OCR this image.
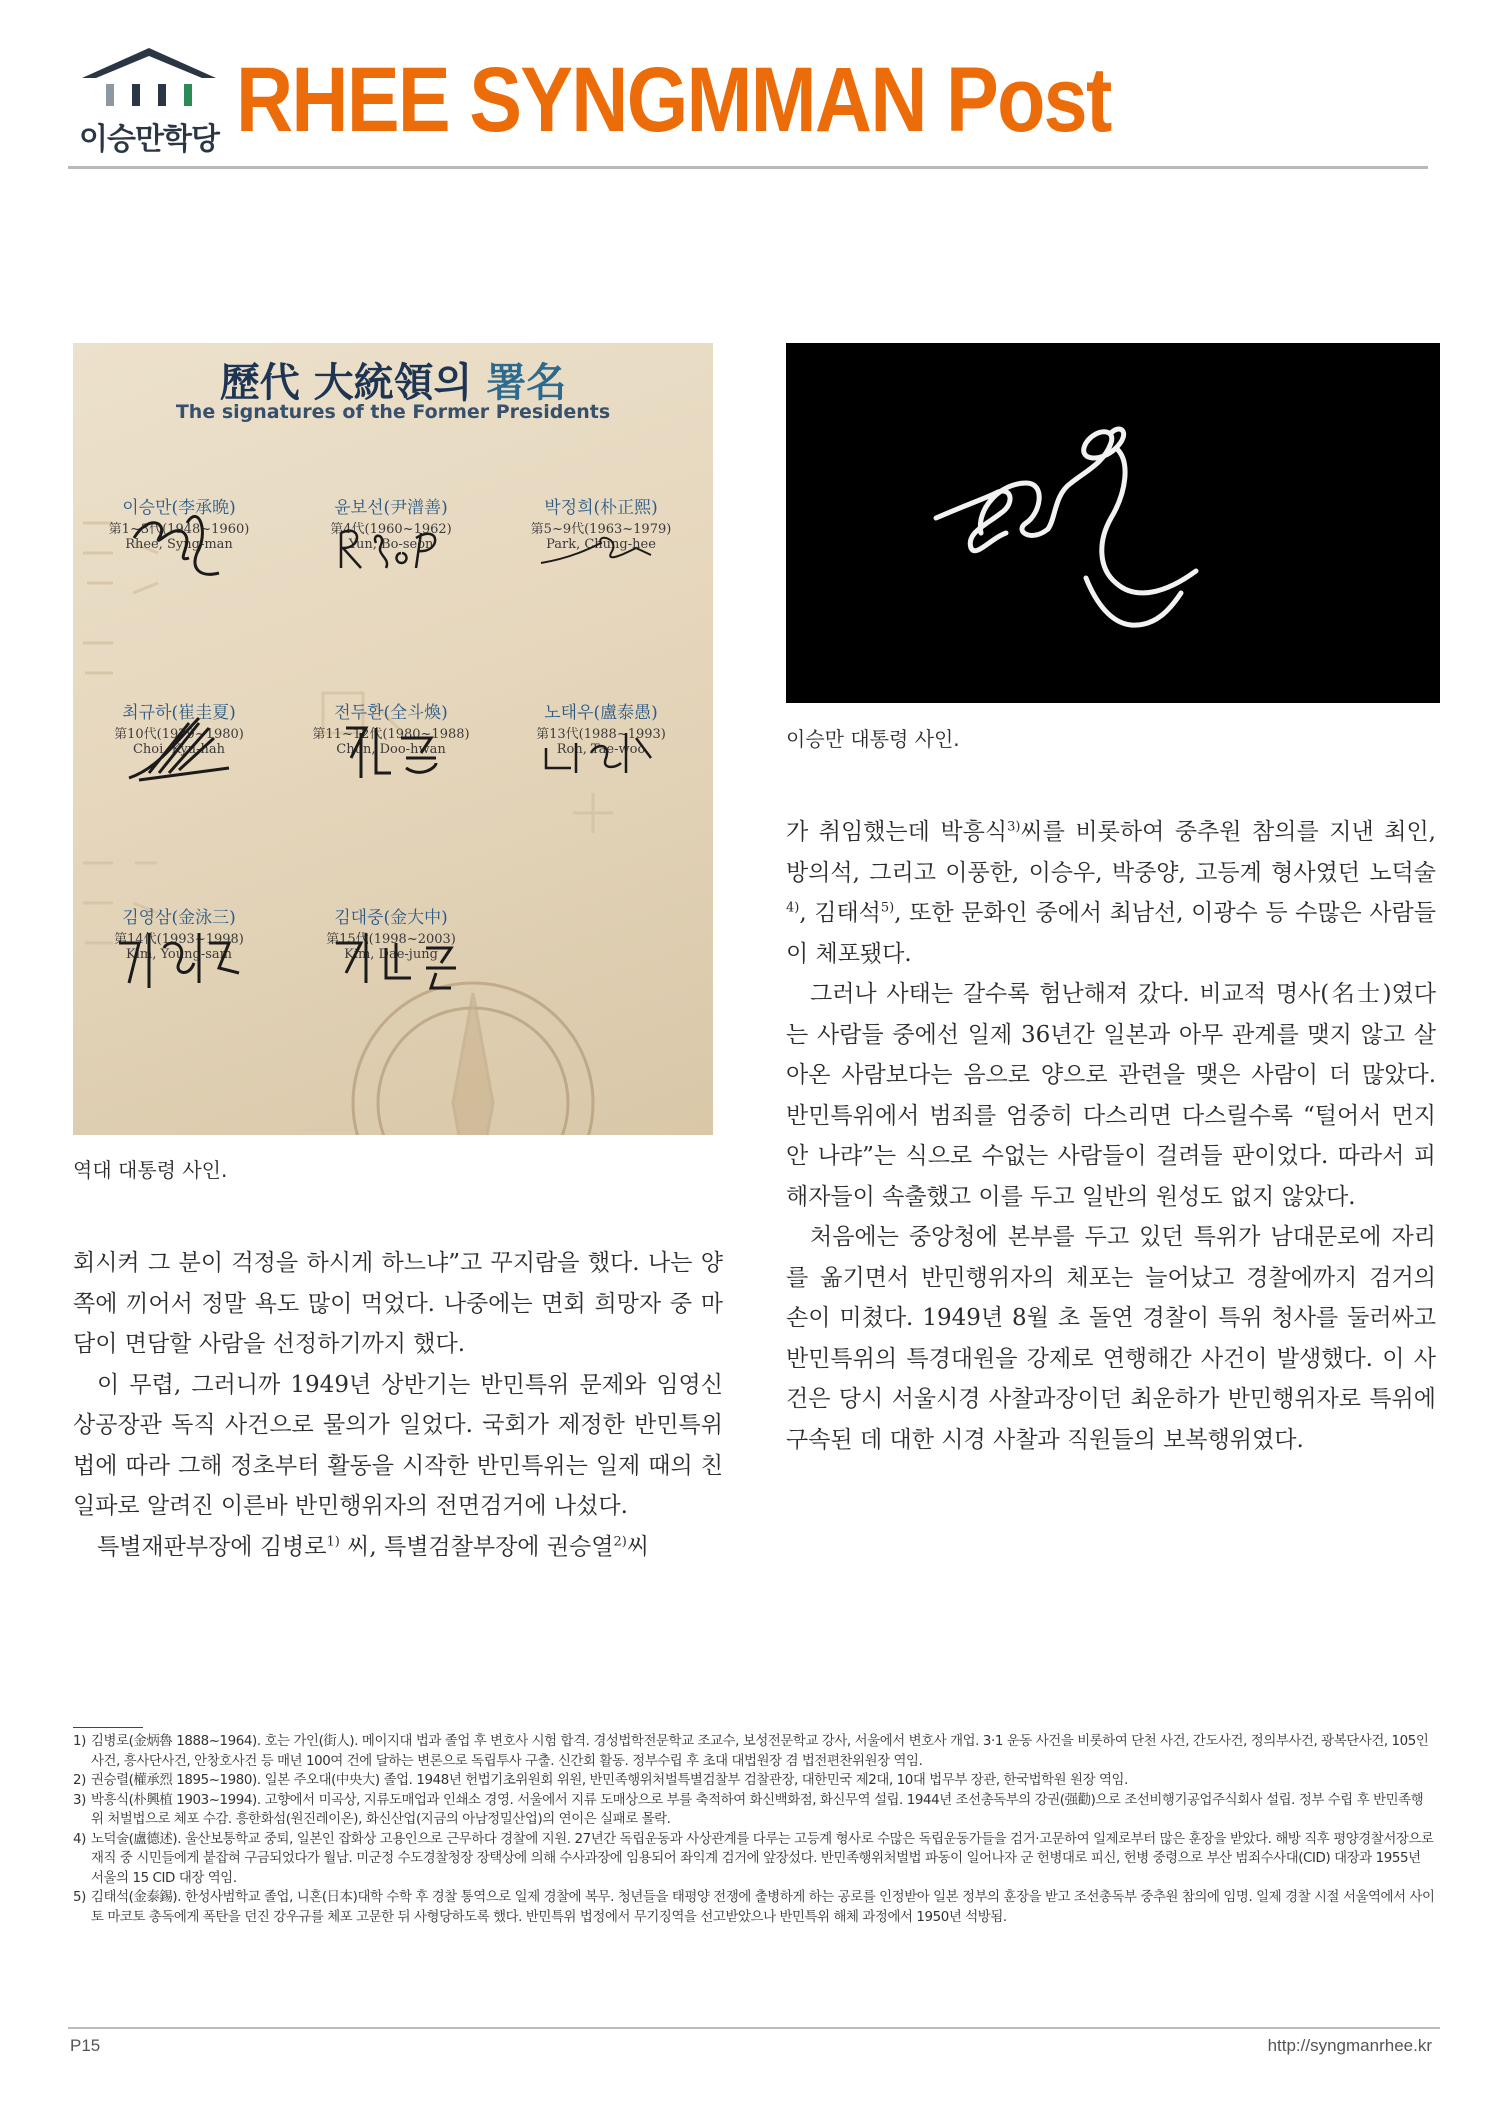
이승만학당 RHEE SYNGMMAN Post
歷代 大統領의 署名
The signatures of the Former Presidents
이승만(李承晩)
第1~3代(1948~1960)
Rhee, Syng-man
윤보선(尹潽善)
第4代(1960~1962)
Yun, Bo-seon
박정희(朴正熙)
第5~9代(1963~1979)
Park, Chung-hee
최규하(崔圭夏)
第10代(1979~1980)
Choi, Kyu-hah
전두환(全斗煥)
第11~12代(1980~1988)
Chun, Doo-hwan
노태우(盧泰愚)
第13代(1988~1993)
Roh, Tae-woo
김영삼(金泳三)
第14代(1993~1998)
Kim, Young-sam
김대중(金大中)
第15代(1998~2003)
Kim, Dae-jung
역대 대통령 사인.
이승만 대통령 사인.

회시켜 그 분이 걱정을 하시게 하느냐”고 꾸지람을 했다. 나는 양쪽에 끼어서 정말 욕도 많이 먹었다. 나중에는 면회 희망자 중 마담이 면담할 사람을 선정하기까지 했다.

이 무렵, 그러니까 1949년 상반기는 반민특위 문제와 임영신 상공장관 독직 사건으로 물의가 일었다. 국회가 제정한 반민특위법에 따라 그해 정초부터 활동을 시작한 반민특위는 일제 때의 친일파로 알려진 이른바 반민행위자의 전면검거에 나섰다.

특별재판부장에 김병로$^{1)}$ 씨, 특별검찰부장에 권승열$^{2)}$씨

가 취임했는데 박흥식$^{3)}$씨를 비롯하여 중추원 참의를 지낸 최인, 방의석, 그리고 이풍한, 이승우, 박중양, 고등계 형사였던 노덕술$^{4)}$, 김태석$^{5)}$, 또한 문화인 중에서 최남선, 이광수 등 수많은 사람들이 체포됐다.

그러나 사태는 갈수록 험난해져 갔다. 비교적 명사(名士)였다는 사람들 중에선 일제 36년간 일본과 아무 관계를 맺지 않고 살아온 사람보다는 음으로 양으로 관련을 맺은 사람이 더 많았다. 반민특위에서 범죄를 엄중히 다스리면 다스릴수록 “털어서 먼지 안 나랴”는 식으로 수없는 사람들이 걸려들 판이었다. 따라서 피해자들이 속출했고 이를 두고 일반의 원성도 없지 않았다.

처음에는 중앙청에 본부를 두고 있던 특위가 남대문로에 자리를 옮기면서 반민행위자의 체포는 늘어났고 경찰에까지 검거의 손이 미쳤다. 1949년 8월 초 돌연 경찰이 특위 청사를 둘러싸고 반민특위의 특경대원을 강제로 연행해간 사건이 발생했다. 이 사건은 당시 서울시경 사찰과장이던 최운하가 반민행위자로 특위에 구속된 데 대한 시경 사찰과 직원들의 보복행위였다.

1) 김병로(金炳魯 1888~1964). 호는 가인(街人). 메이지대 법과 졸업 후 변호사 시험 합격. 경성법학전문학교 조교수, 보성전문학교 강사, 서울에서 변호사 개업. 3·1 운동 사건을 비롯하여 단천 사건, 간도사건, 정의부사건, 광복단사건, 105인사건, 흥사단사건, 안창호사건 등 매년 100여 건에 달하는 변론으로 독립투사 구출. 신간회 활동. 정부수립 후 초대 대법원장 겸 법전편찬위원장 역임.
2) 권승렬(權承烈 1895~1980). 일본 주오대(中央大) 졸업. 1948년 헌법기초위원회 위원, 반민족행위처벌특별검찰부 검찰관장, 대한민국 제2대, 10대 법무부 장관, 한국법학원 원장 역임.
3) 박흥식(朴興植 1903~1994). 고향에서 미곡상, 지류도매업과 인쇄소 경영. 서울에서 지류 도매상으로 부를 축적하여 화신백화점, 화신무역 설립. 1944년 조선총독부의 강권(强勸)으로 조선비행기공업주식회사 설립. 정부 수립 후 반민족행위 처벌법으로 체포 수감. 흥한화섬(원진레이온), 화신산업(지금의 아남정밀산업)의 연이은 실패로 몰락.
4) 노덕술(盧德述). 울산보통학교 중퇴, 일본인 잡화상 고용인으로 근무하다 경찰에 지원. 27년간 독립운동과 사상관계를 다루는 고등계 형사로 수많은 독립운동가들을 검거·고문하여 일제로부터 많은 훈장을 받았다. 해방 직후 평양경찰서장으로 재직 중 시민들에게 붙잡혀 구금되었다가 월남. 미군정 수도경찰청장 장택상에 의해 수사과장에 임용되어 좌익계 검거에 앞장섰다. 반민족행위처벌법 파동이 일어나자 군 헌병대로 피신, 헌병 중령으로 부산 범죄수사대(CID) 대장과 1955년 서울의 15 CID 대장 역임.
5) 김태석(金泰錫). 한성사범학교 졸업, 니혼(日本)대학 수학 후 경찰 통역으로 일제 경찰에 복무. 청년들을 태평양 전쟁에 출병하게 하는 공로를 인정받아 일본 정부의 훈장을 받고 조선총독부 중추원 참의에 임명. 일제 경찰 시절 서울역에서 사이토 마코토 총독에게 폭탄을 던진 강우규를 체포 고문한 뒤 사형당하도록 했다. 반민특위 법정에서 무기징역을 선고받았으나 반민특위 해체 과정에서 1950년 석방됨.
P15	http://syngmanrhee.kr
